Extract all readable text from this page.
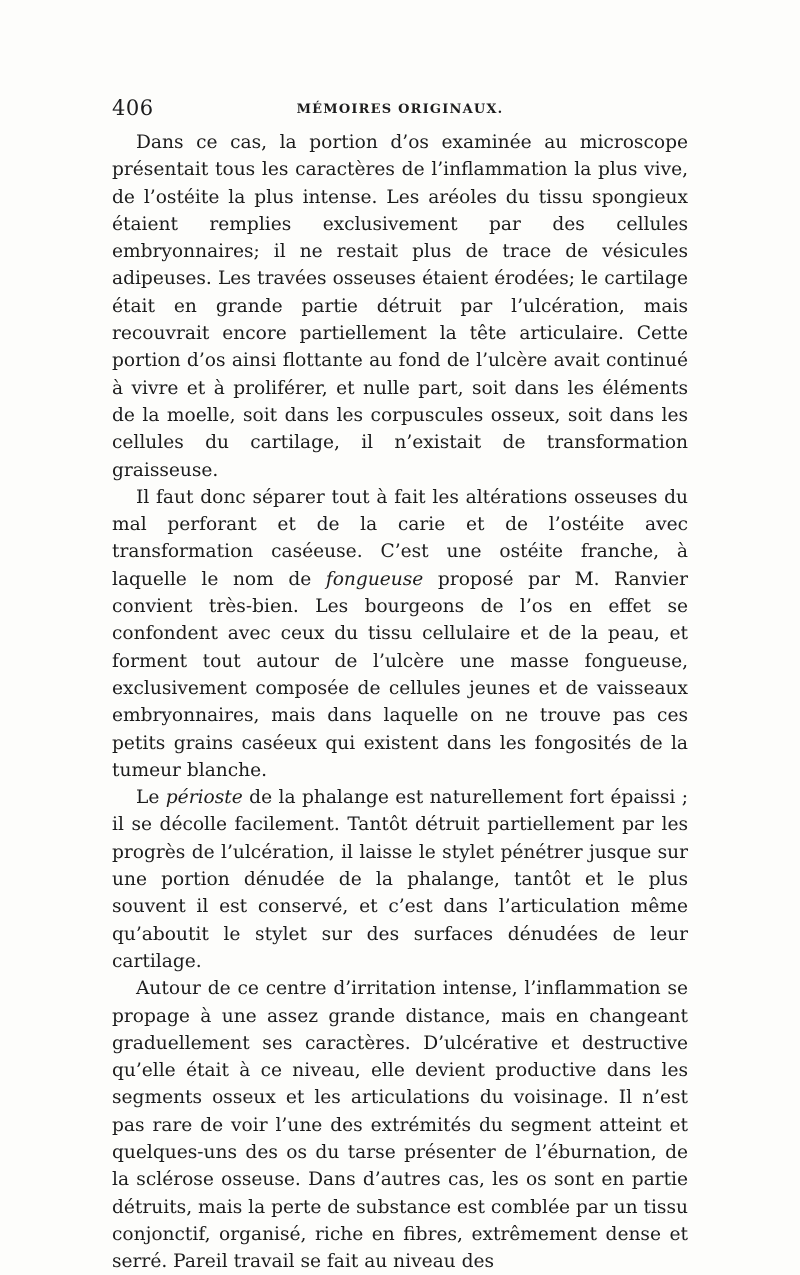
406	MÉMOIRES ORIGINAUX.

Dans ce cas, la portion d’os examinée au microscope présentait tous les caractères de l’inflammation la plus vive, de l’ostéite la plus intense. Les aréoles du tissu spongieux étaient remplies exclusivement par des cellules embryonnaires; il ne restait plus de trace de vésicules adipeuses. Les travées osseuses étaient érodées; le cartilage était en grande partie détruit par l’ulcération, mais recouvrait encore partiellement la tête articulaire. Cette portion d’os ainsi flottante au fond de l’ulcère avait continué à vivre et à proliférer, et nulle part, soit dans les éléments de la moelle, soit dans les corpuscules osseux, soit dans les cellules du cartilage, il n’existait de transformation graisseuse.

Il faut donc séparer tout à fait les altérations osseuses du mal perforant et de la carie et de l’ostéite avec transformation caséeuse. C’est une ostéite franche, à laquelle le nom de fongueuse proposé par M. Ranvier convient très-bien. Les bourgeons de l’os en effet se confondent avec ceux du tissu cellulaire et de la peau, et forment tout autour de l’ulcère une masse fongueuse, exclusivement composée de cellules jeunes et de vaisseaux embryonnaires, mais dans laquelle on ne trouve pas ces petits grains caséeux qui existent dans les fongosités de la tumeur blanche.

Le périoste de la phalange est naturellement fort épaissi ; il se décolle facilement. Tantôt détruit partiellement par les progrès de l’ulcération, il laisse le stylet pénétrer jusque sur une portion dénudée de la phalange, tantôt et le plus souvent il est conservé, et c’est dans l’articulation même qu’aboutit le stylet sur des surfaces dénudées de leur cartilage.

Autour de ce centre d’irritation intense, l’inflammation se propage à une assez grande distance, mais en changeant graduellement ses caractères. D’ulcérative et destructive qu’elle était à ce niveau, elle devient productive dans les segments osseux et les articulations du voisinage. Il n’est pas rare de voir l’une des extrémités du segment atteint et quelques-uns des os du tarse présenter de l’éburnation, de la sclérose osseuse. Dans d’autres cas, les os sont en partie détruits, mais la perte de substance est comblée par un tissu conjonctif, organisé, riche en fibres, extrêmement dense et serré. Pareil travail se fait au niveau des
